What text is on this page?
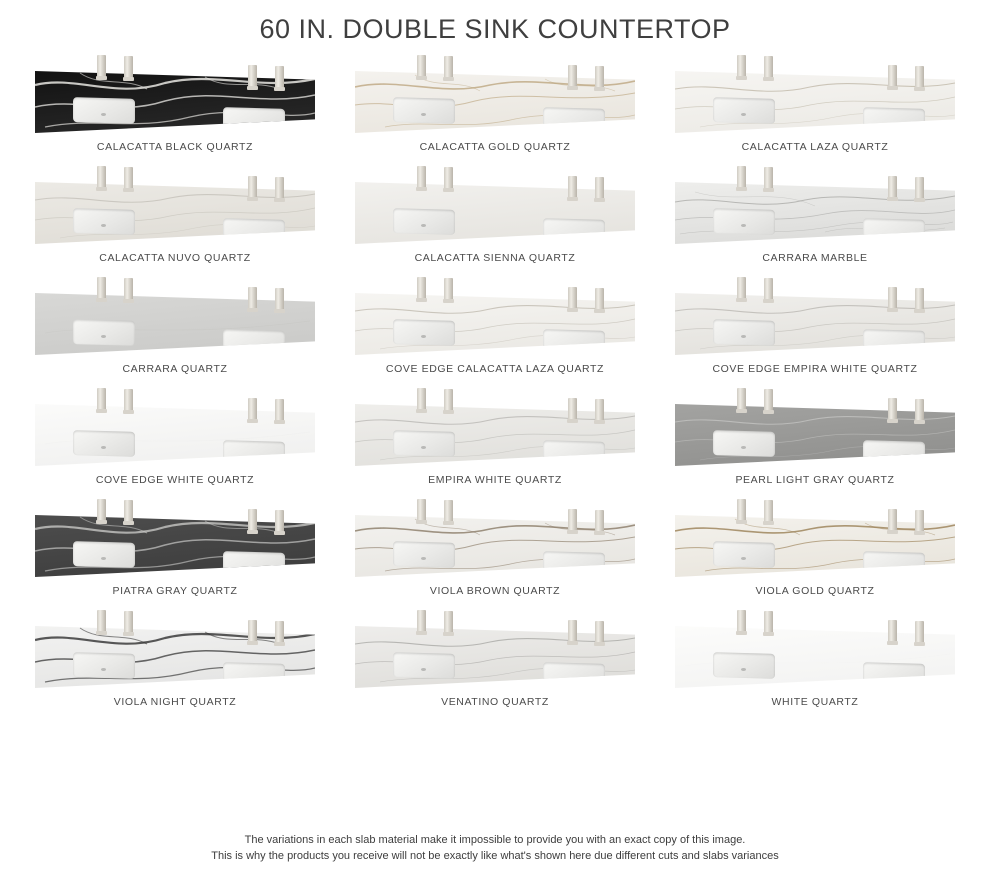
60 IN. DOUBLE SINK COUNTERTOP
CALACATTA BLACK QUARTZ	CALACATTA GOLD QUARTZ	CALACATTA LAZA QUARTZ
CALACATTA NUVO QUARTZ	CALACATTA SIENNA QUARTZ	CARRARA MARBLE
CARRARA QUARTZ	COVE EDGE CALACATTA LAZA QUARTZ	COVE EDGE EMPIRA WHITE QUARTZ
COVE EDGE WHITE QUARTZ	EMPIRA WHITE QUARTZ	PEARL LIGHT GRAY QUARTZ
PIATRA GRAY QUARTZ	VIOLA BROWN QUARTZ	VIOLA GOLD QUARTZ
VIOLA NIGHT QUARTZ	VENATINO QUARTZ	WHITE QUARTZ
The variations in each slab material make it impossible to provide you with an exact copy of this image.
This is why the products you receive will not be exactly like what's shown here due different cuts and slabs variances
